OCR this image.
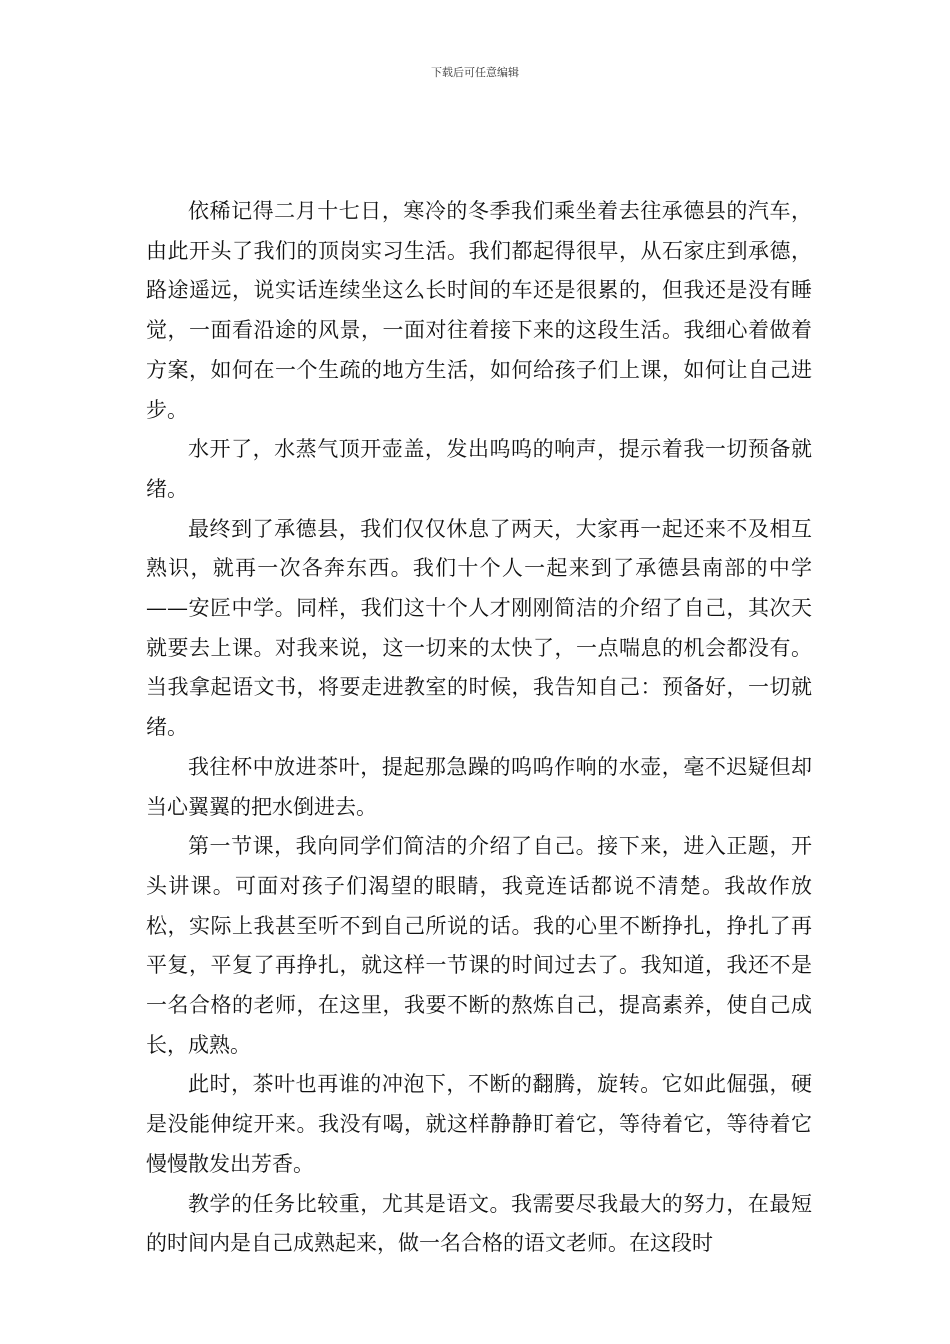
下载后可任意编辑

依稀记得二月十七日，寒冷的冬季我们乘坐着去往承德县的汽车，由此开头了我们的顶岗实习生活。我们都起得很早，从石家庄到承德，路途遥远，说实话连续坐这么长时间的车还是很累的，但我还是没有睡觉，一面看沿途的风景，一面对往着接下来的这段生活。我细心着做着方案，如何在一个生疏的地方生活，如何给孩子们上课，如何让自己进步。

水开了，水蒸气顶开壶盖，发出呜呜的响声，提示着我一切预备就绪。

最终到了承德县，我们仅仅休息了两天，大家再一起还来不及相互熟识，就再一次各奔东西。我们十个人一起来到了承德县南部的中学——安匠中学。同样，我们这十个人才刚刚简洁的介绍了自己，其次天就要去上课。对我来说，这一切来的太快了，一点喘息的机会都没有。当我拿起语文书，将要走进教室的时候，我告知自己：预备好，一切就绪。

我往杯中放进茶叶，提起那急躁的呜呜作响的水壶，毫不迟疑但却当心翼翼的把水倒进去。

第一节课，我向同学们简洁的介绍了自己。接下来，进入正题，开头讲课。可面对孩子们渴望的眼睛，我竟连话都说不清楚。我故作放松，实际上我甚至听不到自己所说的话。我的心里不断挣扎，挣扎了再平复，平复了再挣扎，就这样一节课的时间过去了。我知道，我还不是一名合格的老师，在这里，我要不断的熬炼自己，提高素养，使自己成长，成熟。

此时，茶叶也再谁的冲泡下，不断的翻腾，旋转。它如此倔强，硬是没能伸绽开来。我没有喝，就这样静静盯着它，等待着它，等待着它慢慢散发出芳香。

教学的任务比较重，尤其是语文。我需要尽我最大的努力，在最短的时间内是自己成熟起来，做一名合格的语文老师。在这段时
